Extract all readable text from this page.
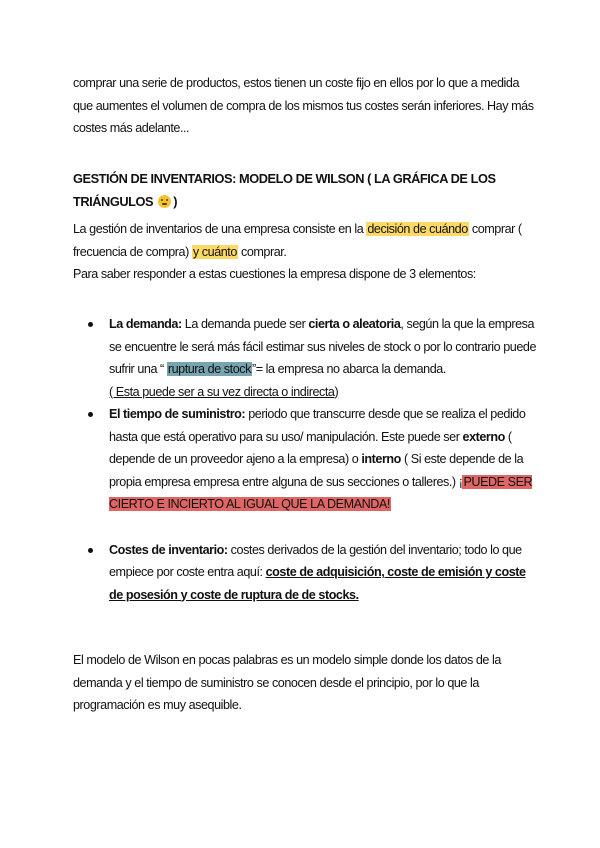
comprar una serie de productos, estos tienen un coste fijo en ellos por lo que a medida
que aumentes el volumen de compra de los mismos tus costes serán inferiores. Hay más
costes más adelante...

GESTIÓN DE INVENTARIOS: MODELO DE WILSON ( LA GRÁFICA DE LOS
TRIÁNGULOS
)

La gestión de inventarios de una empresa consiste en la decisión de cuándo comprar (
frecuencia de compra) y cuánto comprar.
Para saber responder a estas cuestiones la empresa dispone de 3 elementos:

La demanda: La demanda puede ser cierta o aleatoria, según la que la empresa se encuentre le será más fácil estimar sus niveles de stock o por lo contrario puede sufrir una “ ruptura de stock”= la empresa no abarca la demanda.
( Esta puede ser a su vez directa o indirecta)
El tiempo de suministro: periodo que transcurre desde que se realiza el pedido hasta que está operativo para su uso/ manipulación. Este puede ser externo ( depende de un proveedor ajeno a la empresa) o interno ( Si este depende de la propia empresa empresa entre alguna de sus secciones o talleres.) ¡PUEDE SER CIERTO E INCIERTO AL IGUAL QUE LA DEMANDA!
Costes de inventario: costes derivados de la gestión del inventario; todo lo que empiece por coste entra aquí: coste de adquisición, coste de emisión y coste de posesión y coste de ruptura de de stocks.

El modelo de Wilson en pocas palabras es un modelo simple donde los datos de la demanda y el tiempo de suministro se conocen desde el principio, por lo que la programación es muy asequible.
